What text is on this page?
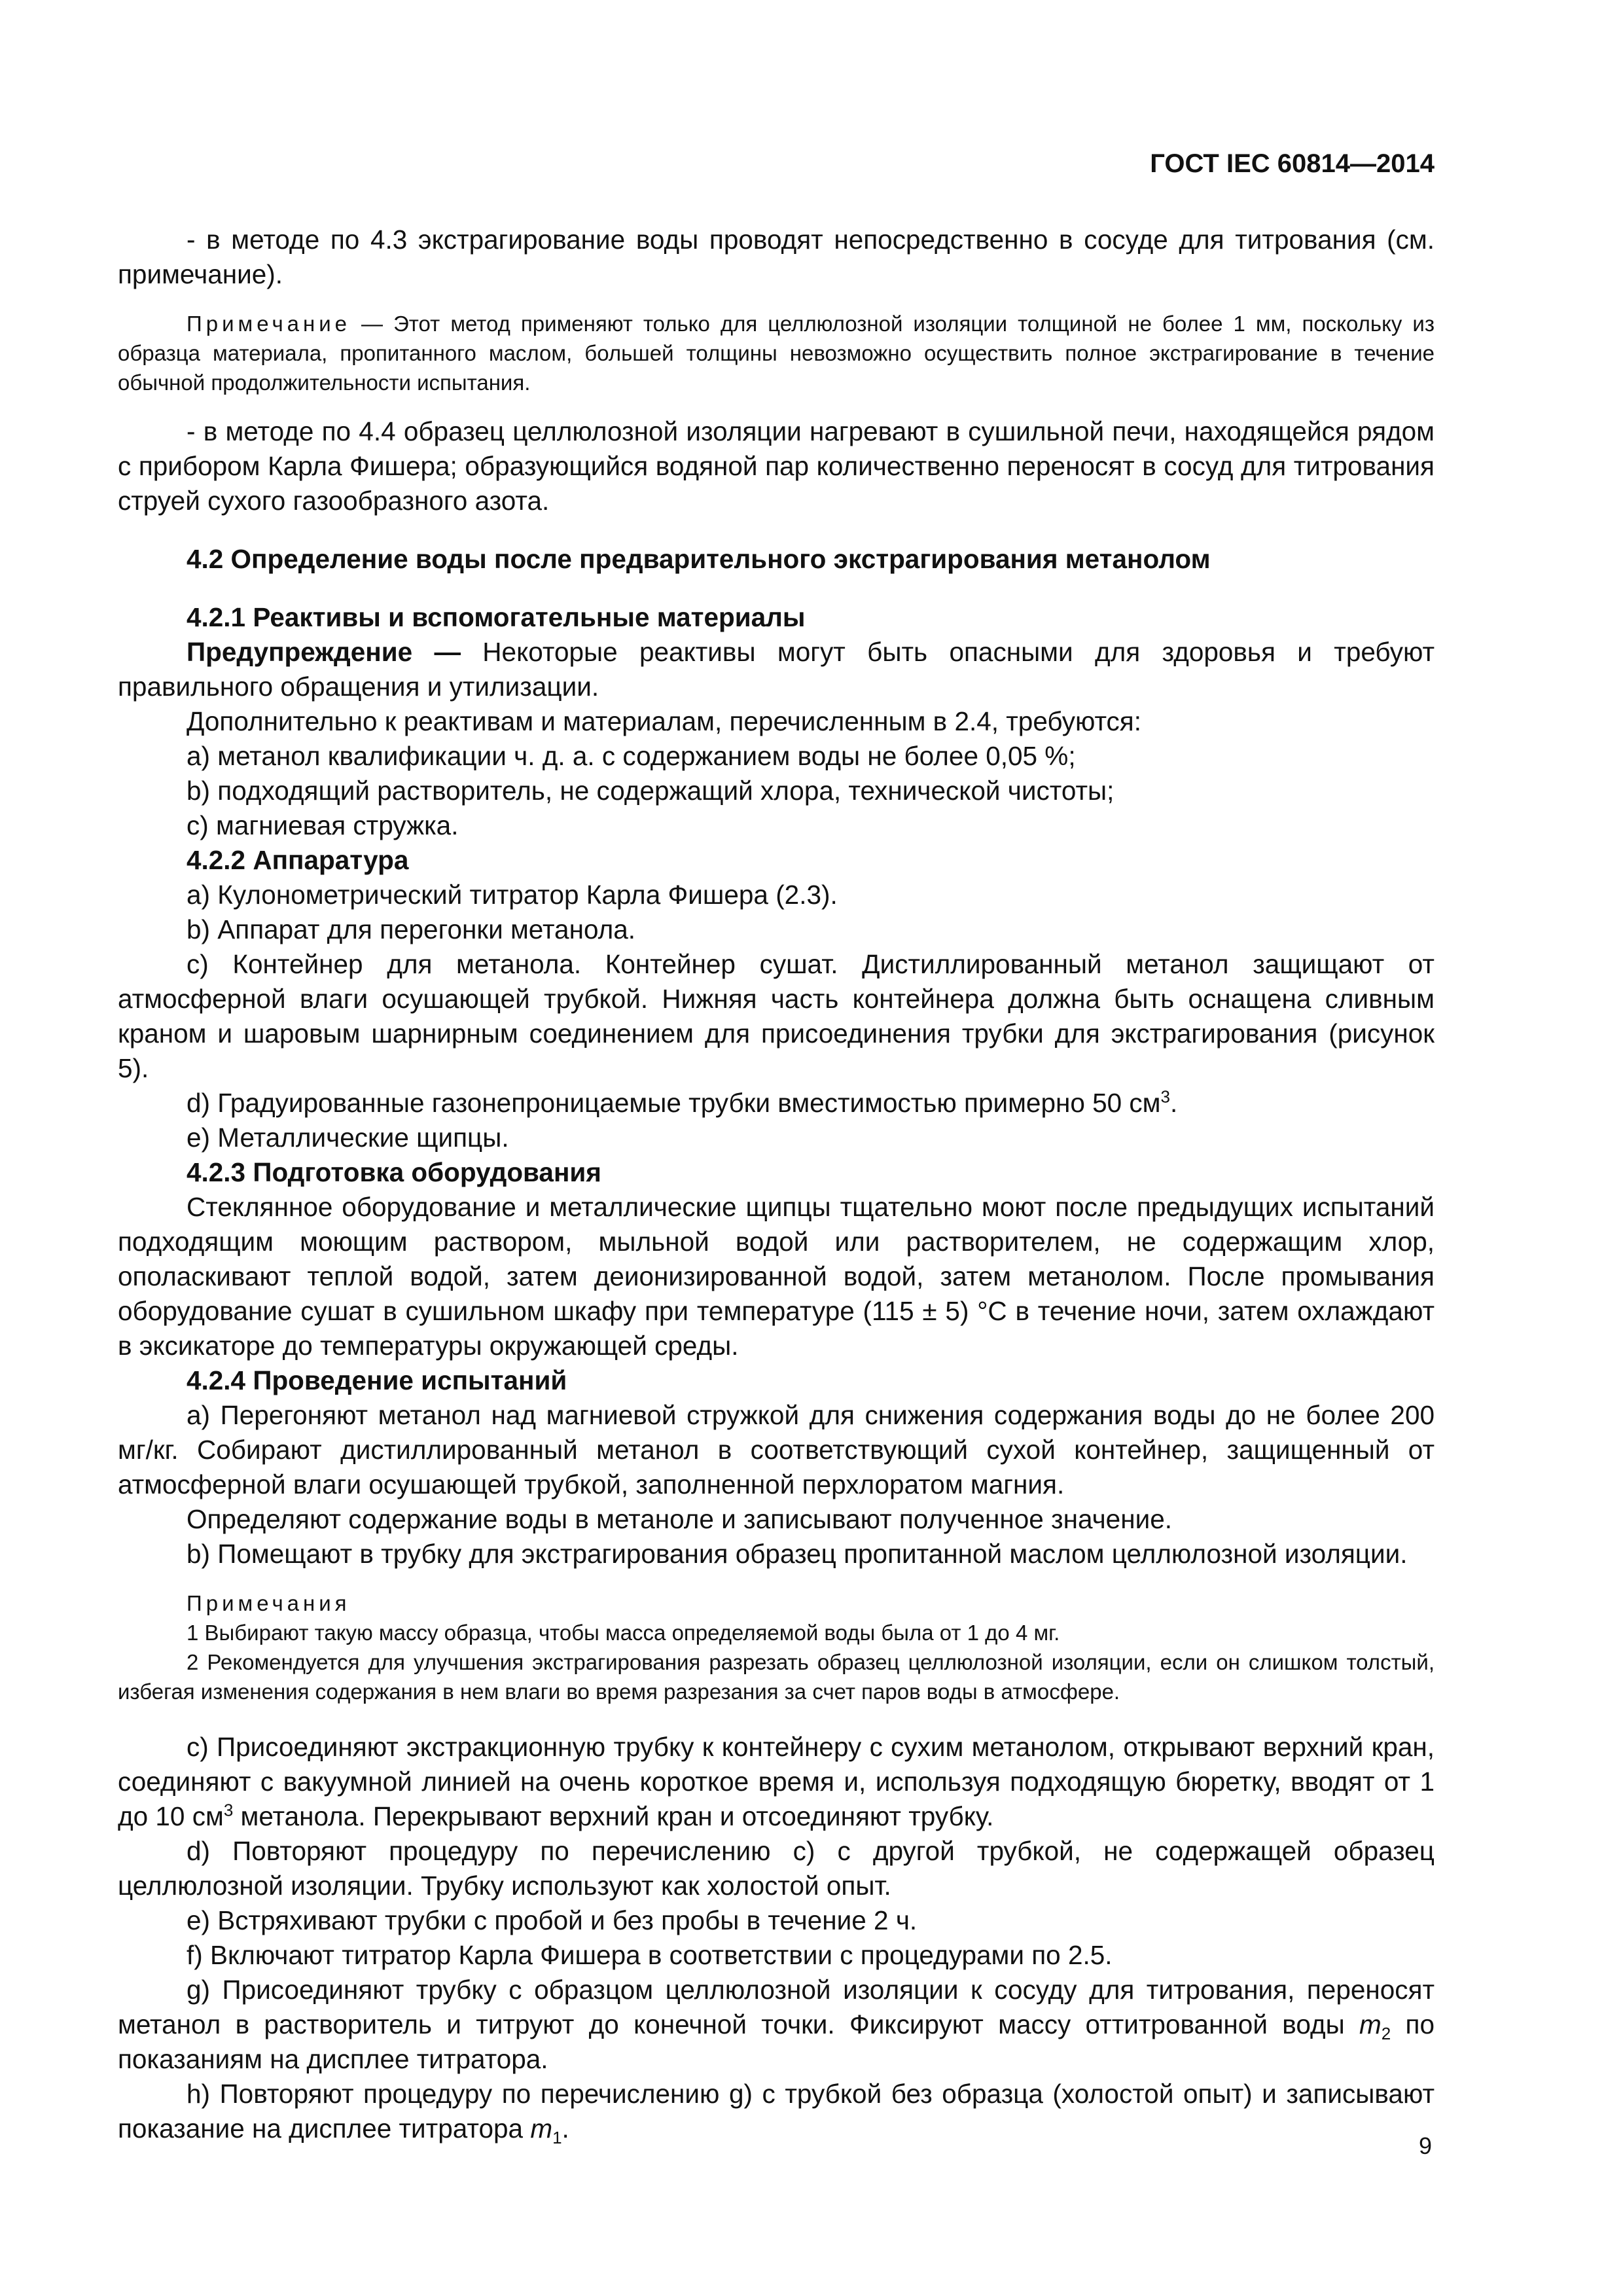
ГОСТ IEC 60814—2014

- в методе по 4.3 экстрагирование воды проводят непосредственно в сосуде для титрования (см. примечание).

Примечание — Этот метод применяют только для целлюлозной изоляции толщиной не более 1 мм, поскольку из образца материала, пропитанного маслом, большей толщины невозможно осуществить полное экстрагирование в течение обычной продолжительности испытания.

- в методе по 4.4 образец целлюлозной изоляции нагревают в сушильной печи, находящейся рядом с прибором Карла Фишера; образующийся водяной пар количественно переносят в сосуд для титрования струей сухого газообразного азота.

4.2 Определение воды после предварительного экстрагирования метанолом

4.2.1 Реактивы и вспомогательные материалы

Предупреждение — Некоторые реактивы могут быть опасными для здоровья и требуют правильного обращения и утилизации.

Дополнительно к реактивам и материалам, перечисленным в 2.4, требуются:

a) метанол квалификации ч. д. а. с содержанием воды не более 0,05 %;

b) подходящий растворитель, не содержащий хлора, технической чистоты;

c) магниевая стружка.

4.2.2 Аппаратура

a) Кулонометрический титратор Карла Фишера (2.3).

b) Аппарат для перегонки метанола.

c) Контейнер для метанола. Контейнер сушат. Дистиллированный метанол защищают от атмосферной влаги осушающей трубкой. Нижняя часть контейнера должна быть оснащена сливным краном и шаровым шарнирным соединением для присоединения трубки для экстрагирования (рисунок 5).

d) Градуированные газонепроницаемые трубки вместимостью примерно 50 $см^3$.

e) Металлические щипцы.

4.2.3 Подготовка оборудования

Стеклянное оборудование и металлические щипцы тщательно моют после предыдущих испытаний подходящим моющим раствором, мыльной водой или растворителем, не содержащим хлор, ополаскивают теплой водой, затем деионизированной водой, затем метанолом. После промывания оборудование сушат в сушильном шкафу при температуре (115 ± 5) °С в течение ночи, затем охлаждают в эксикаторе до температуры окружающей среды.

4.2.4 Проведение испытаний

a) Перегоняют метанол над магниевой стружкой для снижения содержания воды до не более 200 мг/кг. Собирают дистиллированный метанол в соответствующий сухой контейнер, защищенный от атмосферной влаги осушающей трубкой, заполненной перхлоратом магния.

Определяют содержание воды в метаноле и записывают полученное значение.

b) Помещают в трубку для экстрагирования образец пропитанной маслом целлюлозной изоляции.

Примечания
1 Выбирают такую массу образца, чтобы масса определяемой воды была от 1 до 4 мг.
2 Рекомендуется для улучшения экстрагирования разрезать образец целлюлозной изоляции, если он слишком толстый, избегая изменения содержания в нем влаги во время разрезания за счет паров воды в атмосфере.

c) Присоединяют экстракционную трубку к контейнеру с сухим метанолом, открывают верхний кран, соединяют с вакуумной линией на очень короткое время и, используя подходящую бюретку, вводят от 1 до 10 $см^3$ метанола. Перекрывают верхний кран и отсоединяют трубку.

d) Повторяют процедуру по перечислению c) с другой трубкой, не содержащей образец целлюлозной изоляции. Трубку используют как холостой опыт.

e) Встряхивают трубки с пробой и без пробы в течение 2 ч.

f) Включают титратор Карла Фишера в соответствии с процедурами по 2.5.

g) Присоединяют трубку с образцом целлюлозной изоляции к сосуду для титрования, переносят метанол в растворитель и титруют до конечной точки. Фиксируют массу оттитрованной воды $m_2$ по показаниям на дисплее титратора.

h) Повторяют процедуру по перечислению g) с трубкой без образца (холостой опыт) и записывают показание на дисплее титратора $m_1$.

9
